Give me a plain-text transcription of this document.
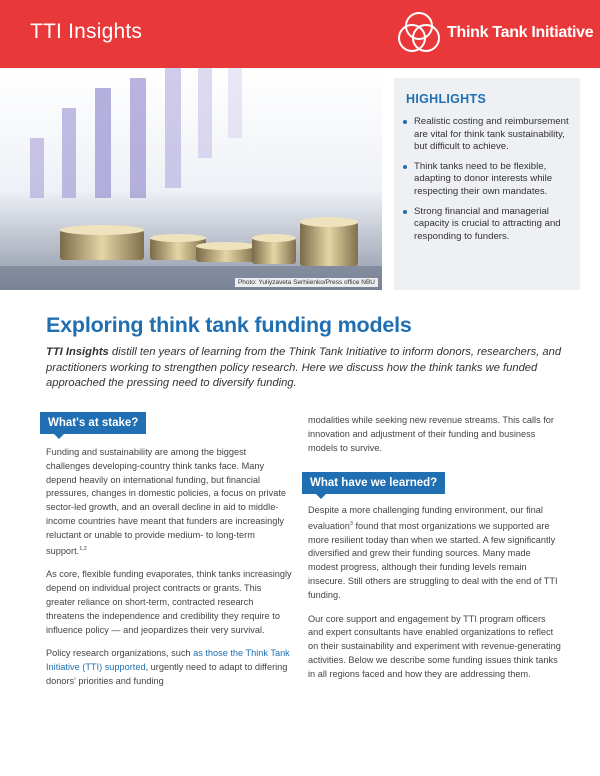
TTI Insights	Think Tank Initiative
Photo: Yuliyzaveta Serhiienko/Press office NBU
HIGHLIGHTS
Realistic costing and reimbursement are vital for think tank sustainability, but difficult to achieve.
Think tanks need to be flexible, adapting to donor interests while respecting their own mandates.
Strong financial and managerial capacity is crucial to attracting and responding to funders.
Exploring think tank funding models

TTI Insights distill ten years of learning from the Think Tank Initiative to inform donors, researchers, and practitioners working to strengthen policy research. Here we discuss how the think tanks we funded approached the pressing need to diversify funding.

What's at stake?

Funding and sustainability are among the biggest challenges developing-country think tanks face. Many depend heavily on international funding, but financial pressures, changes in domestic policies, a focus on private sector-led growth, and an overall decline in aid to middle-income countries have meant that funders are increasingly reluctant or unable to provide medium- to long-term support.$^{1,2}$

As core, flexible funding evaporates, think tanks increasingly depend on individual project contracts or grants. This greater reliance on short-term, contracted research threatens the independence and credibility they require to influence policy — and jeopardizes their very survival.

Policy research organizations, such as those the Think Tank Initiative (TTI) supported, urgently need to adapt to differing donors' priorities and funding

modalities while seeking new revenue streams. This calls for innovation and adjustment of their funding and business models to survive.

What have we learned?

Despite a more challenging funding environment, our final evaluation$^3$ found that most organizations we supported are more resilient today than when we started. A few significantly diversified and grew their funding sources. Many made modest progress, although their funding levels remain insecure. Still others are struggling to deal with the end of TTI funding.

Our core support and engagement by TTI program officers and expert consultants have enabled organizations to reflect on their sustainability and experiment with revenue-generating activities. Below we describe some funding issues think tanks in all regions faced and how they are addressing them.
